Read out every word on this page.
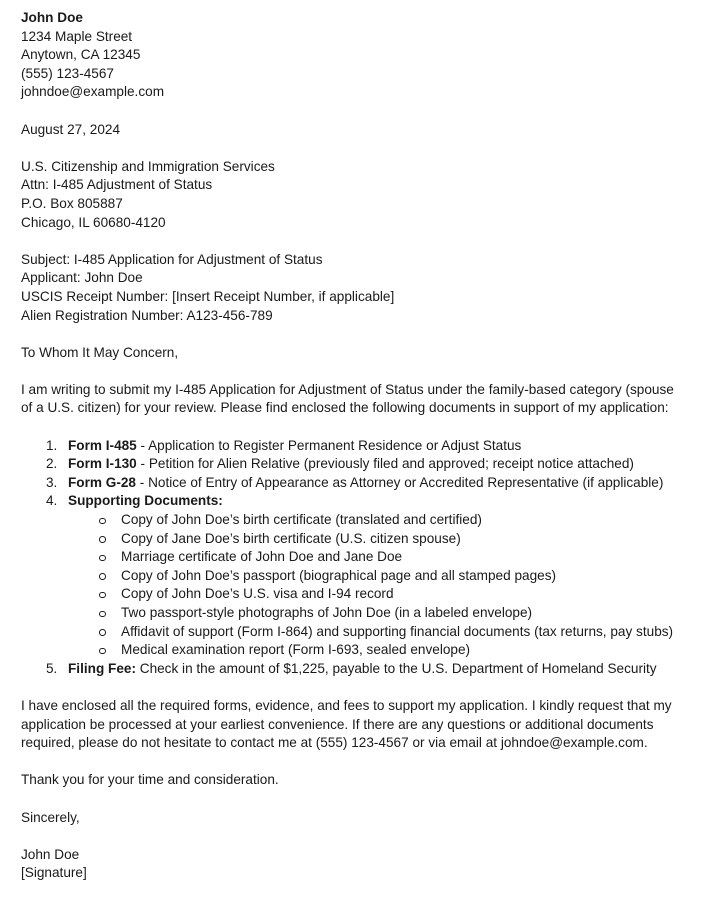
John Doe
1234 Maple Street
Anytown, CA 12345
(555) 123-4567
johndoe@example.com
August 27, 2024
U.S. Citizenship and Immigration Services
Attn: I-485 Adjustment of Status
P.O. Box 805887
Chicago, IL 60680-4120
Subject: I-485 Application for Adjustment of Status
Applicant: John Doe
USCIS Receipt Number: [Insert Receipt Number, if applicable]
Alien Registration Number: A123-456-789
To Whom It May Concern,
I am writing to submit my I-485 Application for Adjustment of Status under the family-based category (spouse of a U.S. citizen) for your review. Please find enclosed the following documents in support of my application:
1. Form I-485 - Application to Register Permanent Residence or Adjust Status
2. Form I-130 - Petition for Alien Relative (previously filed and approved; receipt notice attached)
3. Form G-28 - Notice of Entry of Appearance as Attorney or Accredited Representative (if applicable)
4. Supporting Documents:
Copy of John Doe’s birth certificate (translated and certified)
Copy of Jane Doe’s birth certificate (U.S. citizen spouse)
Marriage certificate of John Doe and Jane Doe
Copy of John Doe’s passport (biographical page and all stamped pages)
Copy of John Doe’s U.S. visa and I-94 record
Two passport-style photographs of John Doe (in a labeled envelope)
Affidavit of support (Form I-864) and supporting financial documents (tax returns, pay stubs)
Medical examination report (Form I-693, sealed envelope)
5. Filing Fee: Check in the amount of $1,225, payable to the U.S. Department of Homeland Security
I have enclosed all the required forms, evidence, and fees to support my application. I kindly request that my application be processed at your earliest convenience. If there are any questions or additional documents required, please do not hesitate to contact me at (555) 123-4567 or via email at johndoe@example.com.
Thank you for your time and consideration.
Sincerely,
John Doe
[Signature]
